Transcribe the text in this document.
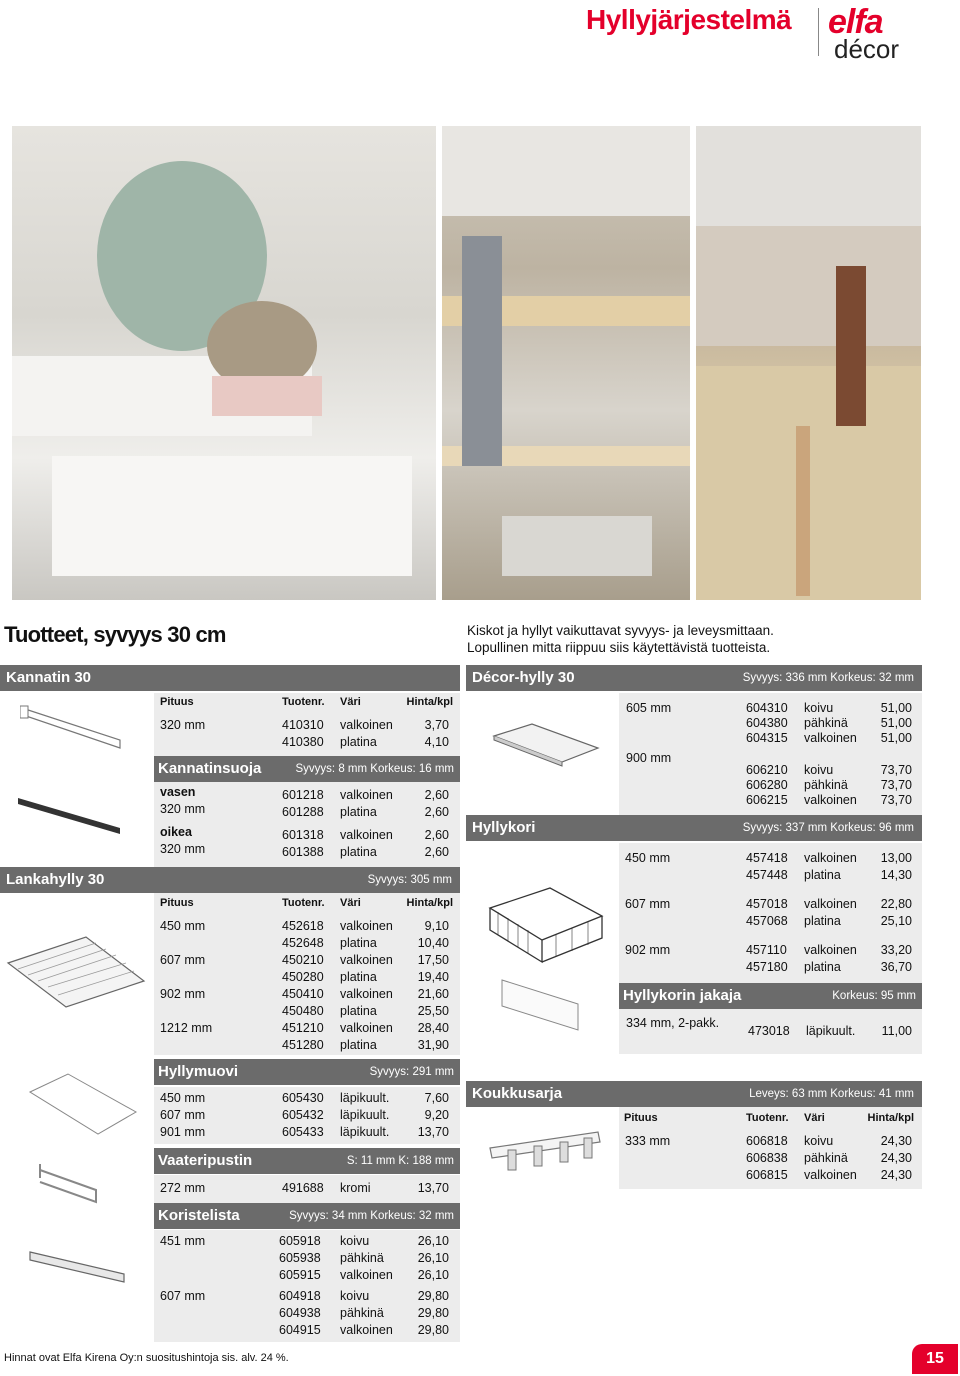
Hyllyjärjestelmä elfa
décor
Tuotteet, syvyys 30 cm	Kiskot ja hyllyt vaikuttavat syvyys- ja leveysmittaan.
Lopullinen mitta riippuu siis käytettävistä tuotteista.
Kannatin 30
Pituus	Tuotenr. Väri	Hinta/kpl
320 mm	410310 valkoinen	3,70
410380 platina	4,10
Kannatinsuoja	Syvyys: 8 mm Korkeus: 16 mm
vasen
320 mm
601218 valkoinen	2,60
601288 platina	2,60
oikea
320 mm
601318 valkoinen	2,60
601388 platina	2,60
Lankahylly 30	Syvyys: 305 mm
Pituus	Tuotenr. Väri	Hinta/kpl
450 mm	452618 valkoinen	9,10
452648 platina	10,40
607 mm	450210 valkoinen	17,50
450280 platina	19,40
902 mm	450410 valkoinen	21,60
450480 platina	25,50
1212 mm	451210 valkoinen	28,40
451280 platina	31,90
Hyllymuovi	Syvyys: 291 mm
450 mm	605430 läpikuult.	7,60
607 mm	605432 läpikuult.	9,20
901 mm	605433 läpikuult.	13,70
Vaateripustin	S: 11 mm K: 188 mm
272 mm	491688 kromi	13,70
Koristelista	Syvyys: 34 mm Korkeus: 32 mm
451 mm	605918 koivu	26,10
605938 pähkinä	26,10
605915 valkoinen	26,10
607 mm	604918 koivu	29,80
604938 pähkinä	29,80
604915 valkoinen	29,80
Décor-hylly 30	Syvyys: 336 mm Korkeus: 32 mm
605 mm	604310 koivu	51,00
604380 pähkinä	51,00
604315 valkoinen	51,00
900 mm
606210 koivu	73,70
606280 pähkinä	73,70
606215 valkoinen	73,70
Hyllykori	Syvyys: 337 mm Korkeus: 96 mm
450 mm	457418 valkoinen	13,00
457448 platina	14,30
607 mm	457018 valkoinen	22,80
457068 platina	25,10
902 mm	457110 valkoinen	33,20
457180 platina	36,70
Hyllykorin jakaja	Korkeus: 95 mm
334 mm, 2-pakk.
473018 läpikuult.	11,00
Koukkusarja	Leveys: 63 mm Korkeus: 41 mm
Pituus	Tuotenr. Väri	Hinta/kpl
333 mm	606818 koivu	24,30
606838 pähkinä	24,30
606815 valkoinen	24,30
Hinnat ovat Elfa Kirena Oy:n suositushintoja sis. alv. 24 %.	15
